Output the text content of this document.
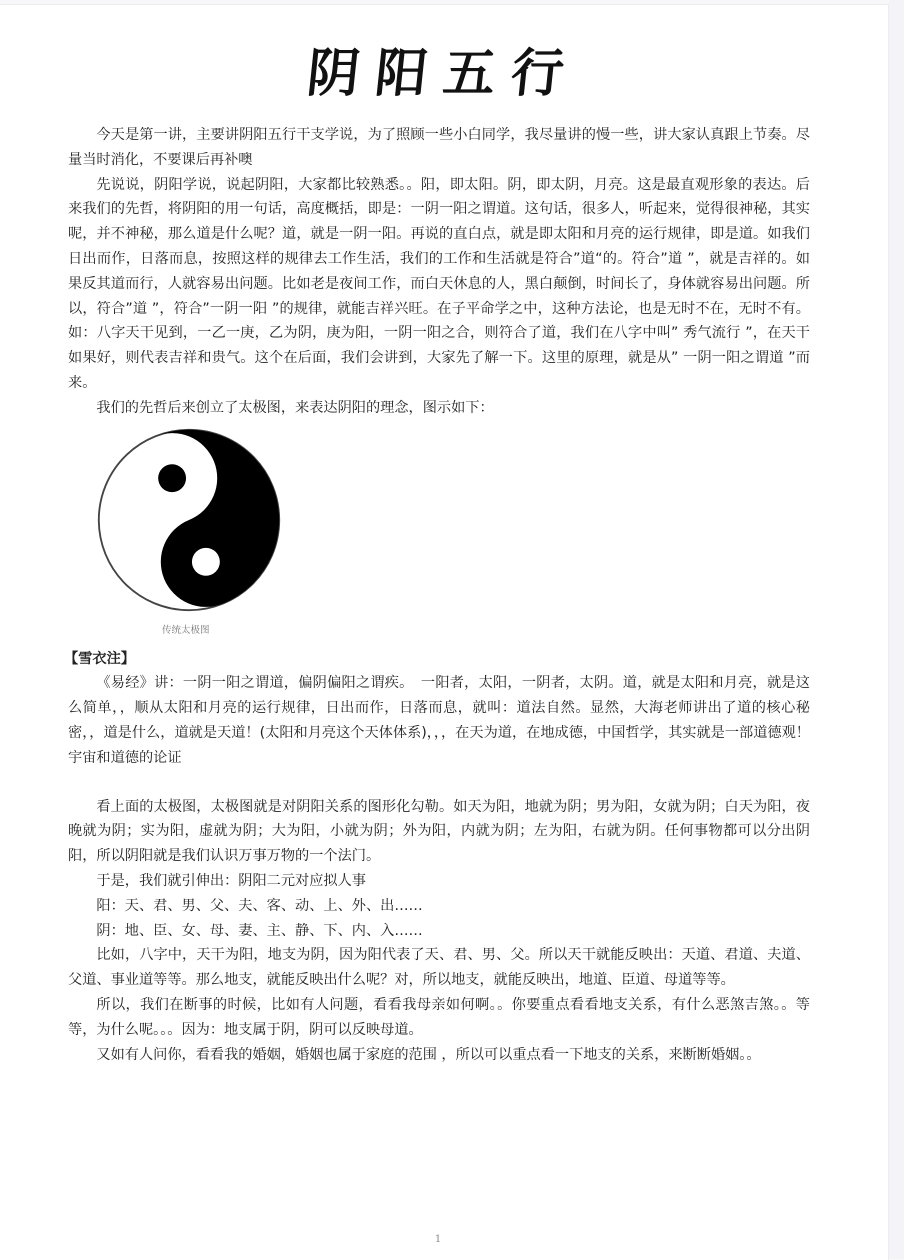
阴阳五行

今天是第一讲，主要讲阴阳五行干支学说，为了照顾一些小白同学，我尽量讲的慢一些，讲大家认真跟上节奏。尽量当时消化，不要课后再补噢

先说说，阴阳学说，说起阴阳，大家都比较熟悉。。阳，即太阳。阴，即太阴，月亮。这是最直观形象的表达。后来我们的先哲，将阴阳的用一句话，高度概括，即是：一阴一阳之谓道。这句话，很多人，听起来，觉得很神秘，其实呢，并不神秘，那么道是什么呢？道，就是一阴一阳。再说的直白点，就是即太阳和月亮的运行规律，即是道。如我们日出而作，日落而息，按照这样的规律去工作生活，我们的工作和生活就是符合”道“的。符合”道 ”，就是吉祥的。如果反其道而行，人就容易出问题。比如老是夜间工作，而白天休息的人，黑白颠倒，时间长了，身体就容易出问题。所以，符合”道 ”，符合”一阴一阳 ”的规律，就能吉祥兴旺。在子平命学之中，这种方法论，也是无时不在，无时不有。如：八字天干见到，一乙一庚，乙为阴，庚为阳，一阴一阳之合，则符合了道，我们在八字中叫” 秀气流行 ”，在天干如果好，则代表吉祥和贵气。这个在后面，我们会讲到，大家先了解一下。这里的原理，就是从” 一阴一阳之谓道 ”而来。

我们的先哲后来创立了太极图，来表达阴阳的理念，图示如下：

传统太极图

【雪衣注】

《易经》讲：一阴一阳之谓道，偏阴偏阳之谓疾。　一阳者，太阳，一阴者，太阴。道，就是太阳和月亮，就是这么简单，，顺从太阳和月亮的运行规律，日出而作，日落而息，就叫：道法自然。显然，大海老师讲出了道的核心秘密，，道是什么，道就是天道！(太阳和月亮这个天体体系)，，，在天为道，在地成德，中国哲学，其实就是一部道德观！宇宙和道德的论证

看上面的太极图，太极图就是对阴阳关系的图形化勾勒。如天为阳，地就为阴；男为阳，女就为阴；白天为阳，夜晚就为阴；实为阳，虚就为阴；大为阳，小就为阴；外为阳，内就为阴；左为阳，右就为阴。任何事物都可以分出阴阳，所以阴阳就是我们认识万事万物的一个法门。

于是，我们就引伸出：阴阳二元对应拟人事

阳：天、君、男、父、夫、客、动、上、外、出……

阴：地、臣、女、母、妻、主、静、下、内、入……

比如，八字中，天干为阳，地支为阴，因为阳代表了天、君、男、父。所以天干就能反映出：天道、君道、夫道、父道、事业道等等。那么地支，就能反映出什么呢？对，所以地支，就能反映出，地道、臣道、母道等等。

所以，我们在断事的时候，比如有人问题，看看我母亲如何啊。。你要重点看看地支关系，有什么恶煞吉煞。。等等，为什么呢。。。因为：地支属于阴，阴可以反映母道。

又如有人问你，看看我的婚姻，婚姻也属于家庭的范围 ，所以可以重点看一下地支的关系，来断断婚姻。。

1
